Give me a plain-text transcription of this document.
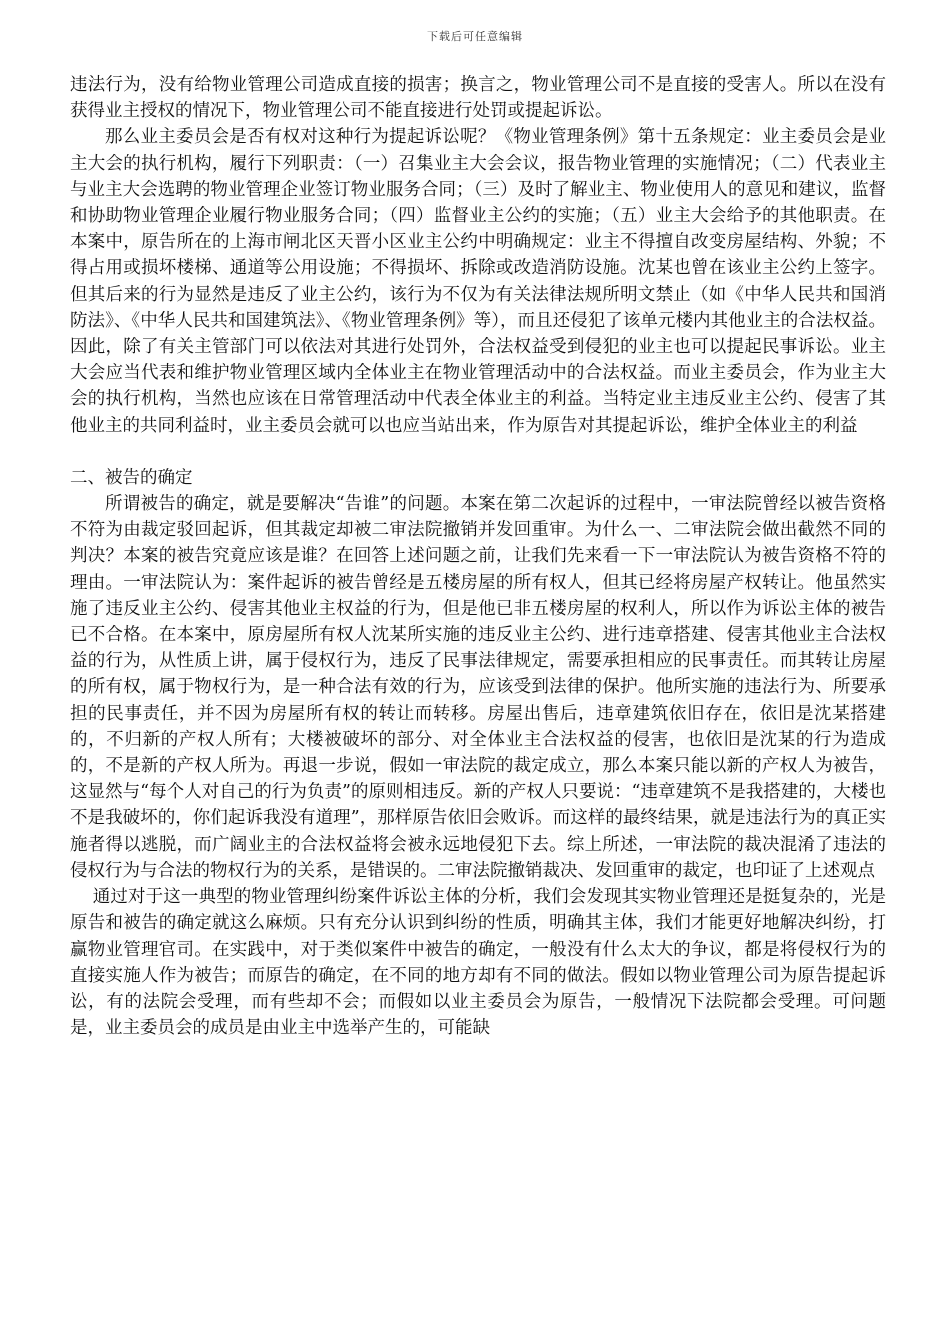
下载后可任意编辑

违法行为，没有给物业管理公司造成直接的损害；换言之，物业管理公司不是直接的受害人。所以在没有获得业主授权的情况下，物业管理公司不能直接进行处罚或提起诉讼。

那么业主委员会是否有权对这种行为提起诉讼呢？《物业管理条例》第十五条规定：业主委员会是业主大会的执行机构，履行下列职责：（一）召集业主大会会议，报告物业管理的实施情况；（二）代表业主与业主大会选聘的物业管理企业签订物业服务合同；（三）及时了解业主、物业使用人的意见和建议，监督和协助物业管理企业履行物业服务合同；（四）监督业主公约的实施；（五）业主大会给予的其他职责。在本案中，原告所在的上海市闸北区天晋小区业主公约中明确规定：业主不得擅自改变房屋结构、外貌；不得占用或损坏楼梯、通道等公用设施；不得损坏、拆除或改造消防设施。沈某也曾在该业主公约上签字。但其后来的行为显然是违反了业主公约，该行为不仅为有关法律法规所明文禁止（如《中华人民共和国消防法》、《中华人民共和国建筑法》、《物业管理条例》等），而且还侵犯了该单元楼内其他业主的合法权益。因此，除了有关主管部门可以依法对其进行处罚外，合法权益受到侵犯的业主也可以提起民事诉讼。业主大会应当代表和维护物业管理区域内全体业主在物业管理活动中的合法权益。而业主委员会，作为业主大会的执行机构，当然也应该在日常管理活动中代表全体业主的利益。当特定业主违反业主公约、侵害了其他业主的共同利益时，业主委员会就可以也应当站出来，作为原告对其提起诉讼，维护全体业主的利益

二、被告的确定

所谓被告的确定，就是要解决“告谁”的问题。本案在第二次起诉的过程中，一审法院曾经以被告资格不符为由裁定驳回起诉，但其裁定却被二审法院撤销并发回重审。为什么一、二审法院会做出截然不同的判决？本案的被告究竟应该是谁？在回答上述问题之前，让我们先来看一下一审法院认为被告资格不符的理由。一审法院认为：案件起诉的被告曾经是五楼房屋的所有权人，但其已经将房屋产权转让。他虽然实施了违反业主公约、侵害其他业主权益的行为，但是他已非五楼房屋的权利人，所以作为诉讼主体的被告已不合格。在本案中，原房屋所有权人沈某所实施的违反业主公约、进行违章搭建、侵害其他业主合法权益的行为，从性质上讲，属于侵权行为，违反了民事法律规定，需要承担相应的民事责任。而其转让房屋的所有权，属于物权行为，是一种合法有效的行为，应该受到法律的保护。他所实施的违法行为、所要承担的民事责任，并不因为房屋所有权的转让而转移。房屋出售后，违章建筑依旧存在，依旧是沈某搭建的，不归新的产权人所有；大楼被破坏的部分、对全体业主合法权益的侵害，也依旧是沈某的行为造成的，不是新的产权人所为。再退一步说，假如一审法院的裁定成立，那么本案只能以新的产权人为被告，这显然与“每个人对自己的行为负责”的原则相违反。新的产权人只要说：“违章建筑不是我搭建的，大楼也不是我破坏的，你们起诉我没有道理”，那样原告依旧会败诉。而这样的最终结果，就是违法行为的真正实施者得以逃脱，而广阔业主的合法权益将会被永远地侵犯下去。综上所述，一审法院的裁决混淆了违法的侵权行为与合法的物权行为的关系，是错误的。二审法院撤销裁决、发回重审的裁定，也印证了上述观点

通过对于这一典型的物业管理纠纷案件诉讼主体的分析，我们会发现其实物业管理还是挺复杂的，光是原告和被告的确定就这么麻烦。只有充分认识到纠纷的性质，明确其主体，我们才能更好地解决纠纷，打赢物业管理官司。在实践中，对于类似案件中被告的确定，一般没有什么太大的争议，都是将侵权行为的直接实施人作为被告；而原告的确定，在不同的地方却有不同的做法。假如以物业管理公司为原告提起诉讼，有的法院会受理，而有些却不会；而假如以业主委员会为原告，一般情况下法院都会受理。可问题是，业主委员会的成员是由业主中选举产生的，可能缺
